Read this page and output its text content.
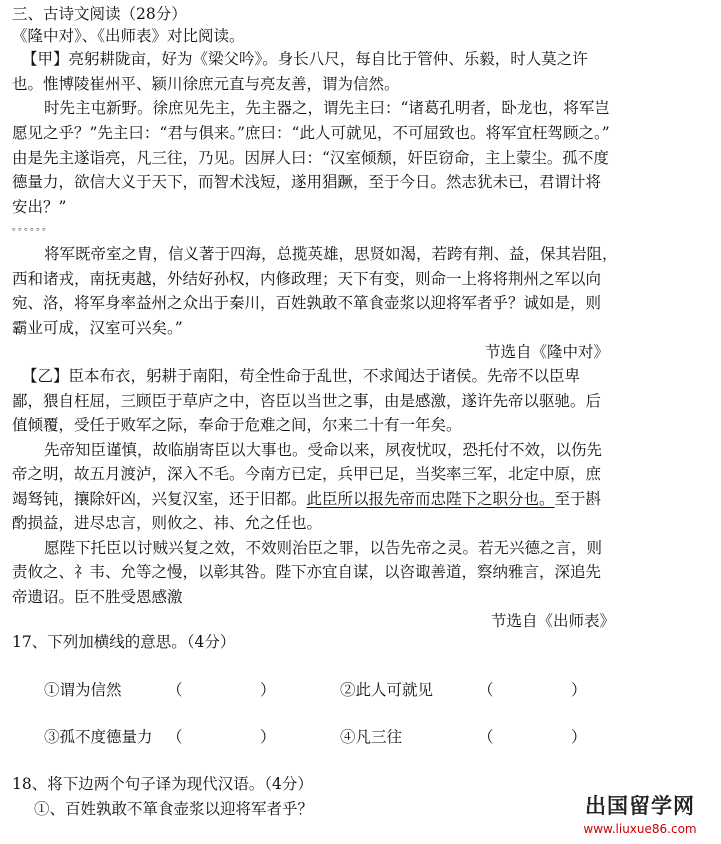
三、古诗文阅读（28分）
《隆中对》、《出师表》对比阅读。
【甲】亮躬耕陇亩，好为《梁父吟》。身长八尺，每自比于管仲、乐毅，时人莫之许
也。惟博陵崔州平、颍川徐庶元直与亮友善，谓为信然。
时先主屯新野。徐庶见先主，先主器之，谓先主曰：“诸葛孔明者，卧龙也，将军岂
愿见之乎？”先主曰：“君与俱来。”庶曰：“此人可就见，不可屈致也。将军宜枉驾顾之。”
由是先主遂诣亮，凡三往，乃见。因屏人曰：“汉室倾颓，奸臣窃命，主上蒙尘。孤不度
德量力，欲信大义于天下，而智术浅短，遂用猖蹶，至于今日。然志犹未已，君谓计将
安出？”
。。。。。。
将军既帝室之胄，信义著于四海，总揽英雄，思贤如渴，若跨有荆、益，保其岩阻，
西和诸戎，南抚夷越，外结好孙权，内修政理；天下有变，则命一上将将荆州之军以向
宛、洛，将军身率益州之众出于秦川，百姓孰敢不箪食壶浆以迎将军者乎？诚如是，则
霸业可成，汉室可兴矣。”
节选自《隆中对》
【乙】臣本布衣，躬耕于南阳，苟全性命于乱世，不求闻达于诸侯。先帝不以臣卑
鄙，猥自枉屈，三顾臣于草庐之中，咨臣以当世之事，由是感激，遂许先帝以驱驰。后
值倾覆，受任于败军之际，奉命于危难之间，尔来二十有一年矣。
先帝知臣谨慎，故临崩寄臣以大事也。受命以来，夙夜忧叹，恐托付不效，以伤先
帝之明，故五月渡泸，深入不毛。今南方已定，兵甲已足，当奖率三军，北定中原，庶
竭驽钝，攘除奸凶，兴复汉室，还于旧都。此臣所以报先帝而忠陛下之职分也。至于斟
酌损益，进尽忠言，则攸之、祎、允之任也。
愿陛下托臣以讨贼兴复之效，不效则治臣之罪，以告先帝之灵。若无兴德之言，则
责攸之、礻韦、允等之慢，以彰其咎。陛下亦宜自谋，以咨诹善道，察纳雅言，深追先
帝遗诏。臣不胜受恩感激
节选自《出师表》
17、下列加横线的意思。（4分）
①谓为信然	（　　　　　）	②此人可就见	（　　　　　）
③孤不度德量力 （　　　　　）	④凡三往	（　　　　　）
18、将下边两个句子译为现代汉语。（4分）
①、百姓孰敢不箪食壶浆以迎将军者乎？	出国留学网
www.liuxue86.com
